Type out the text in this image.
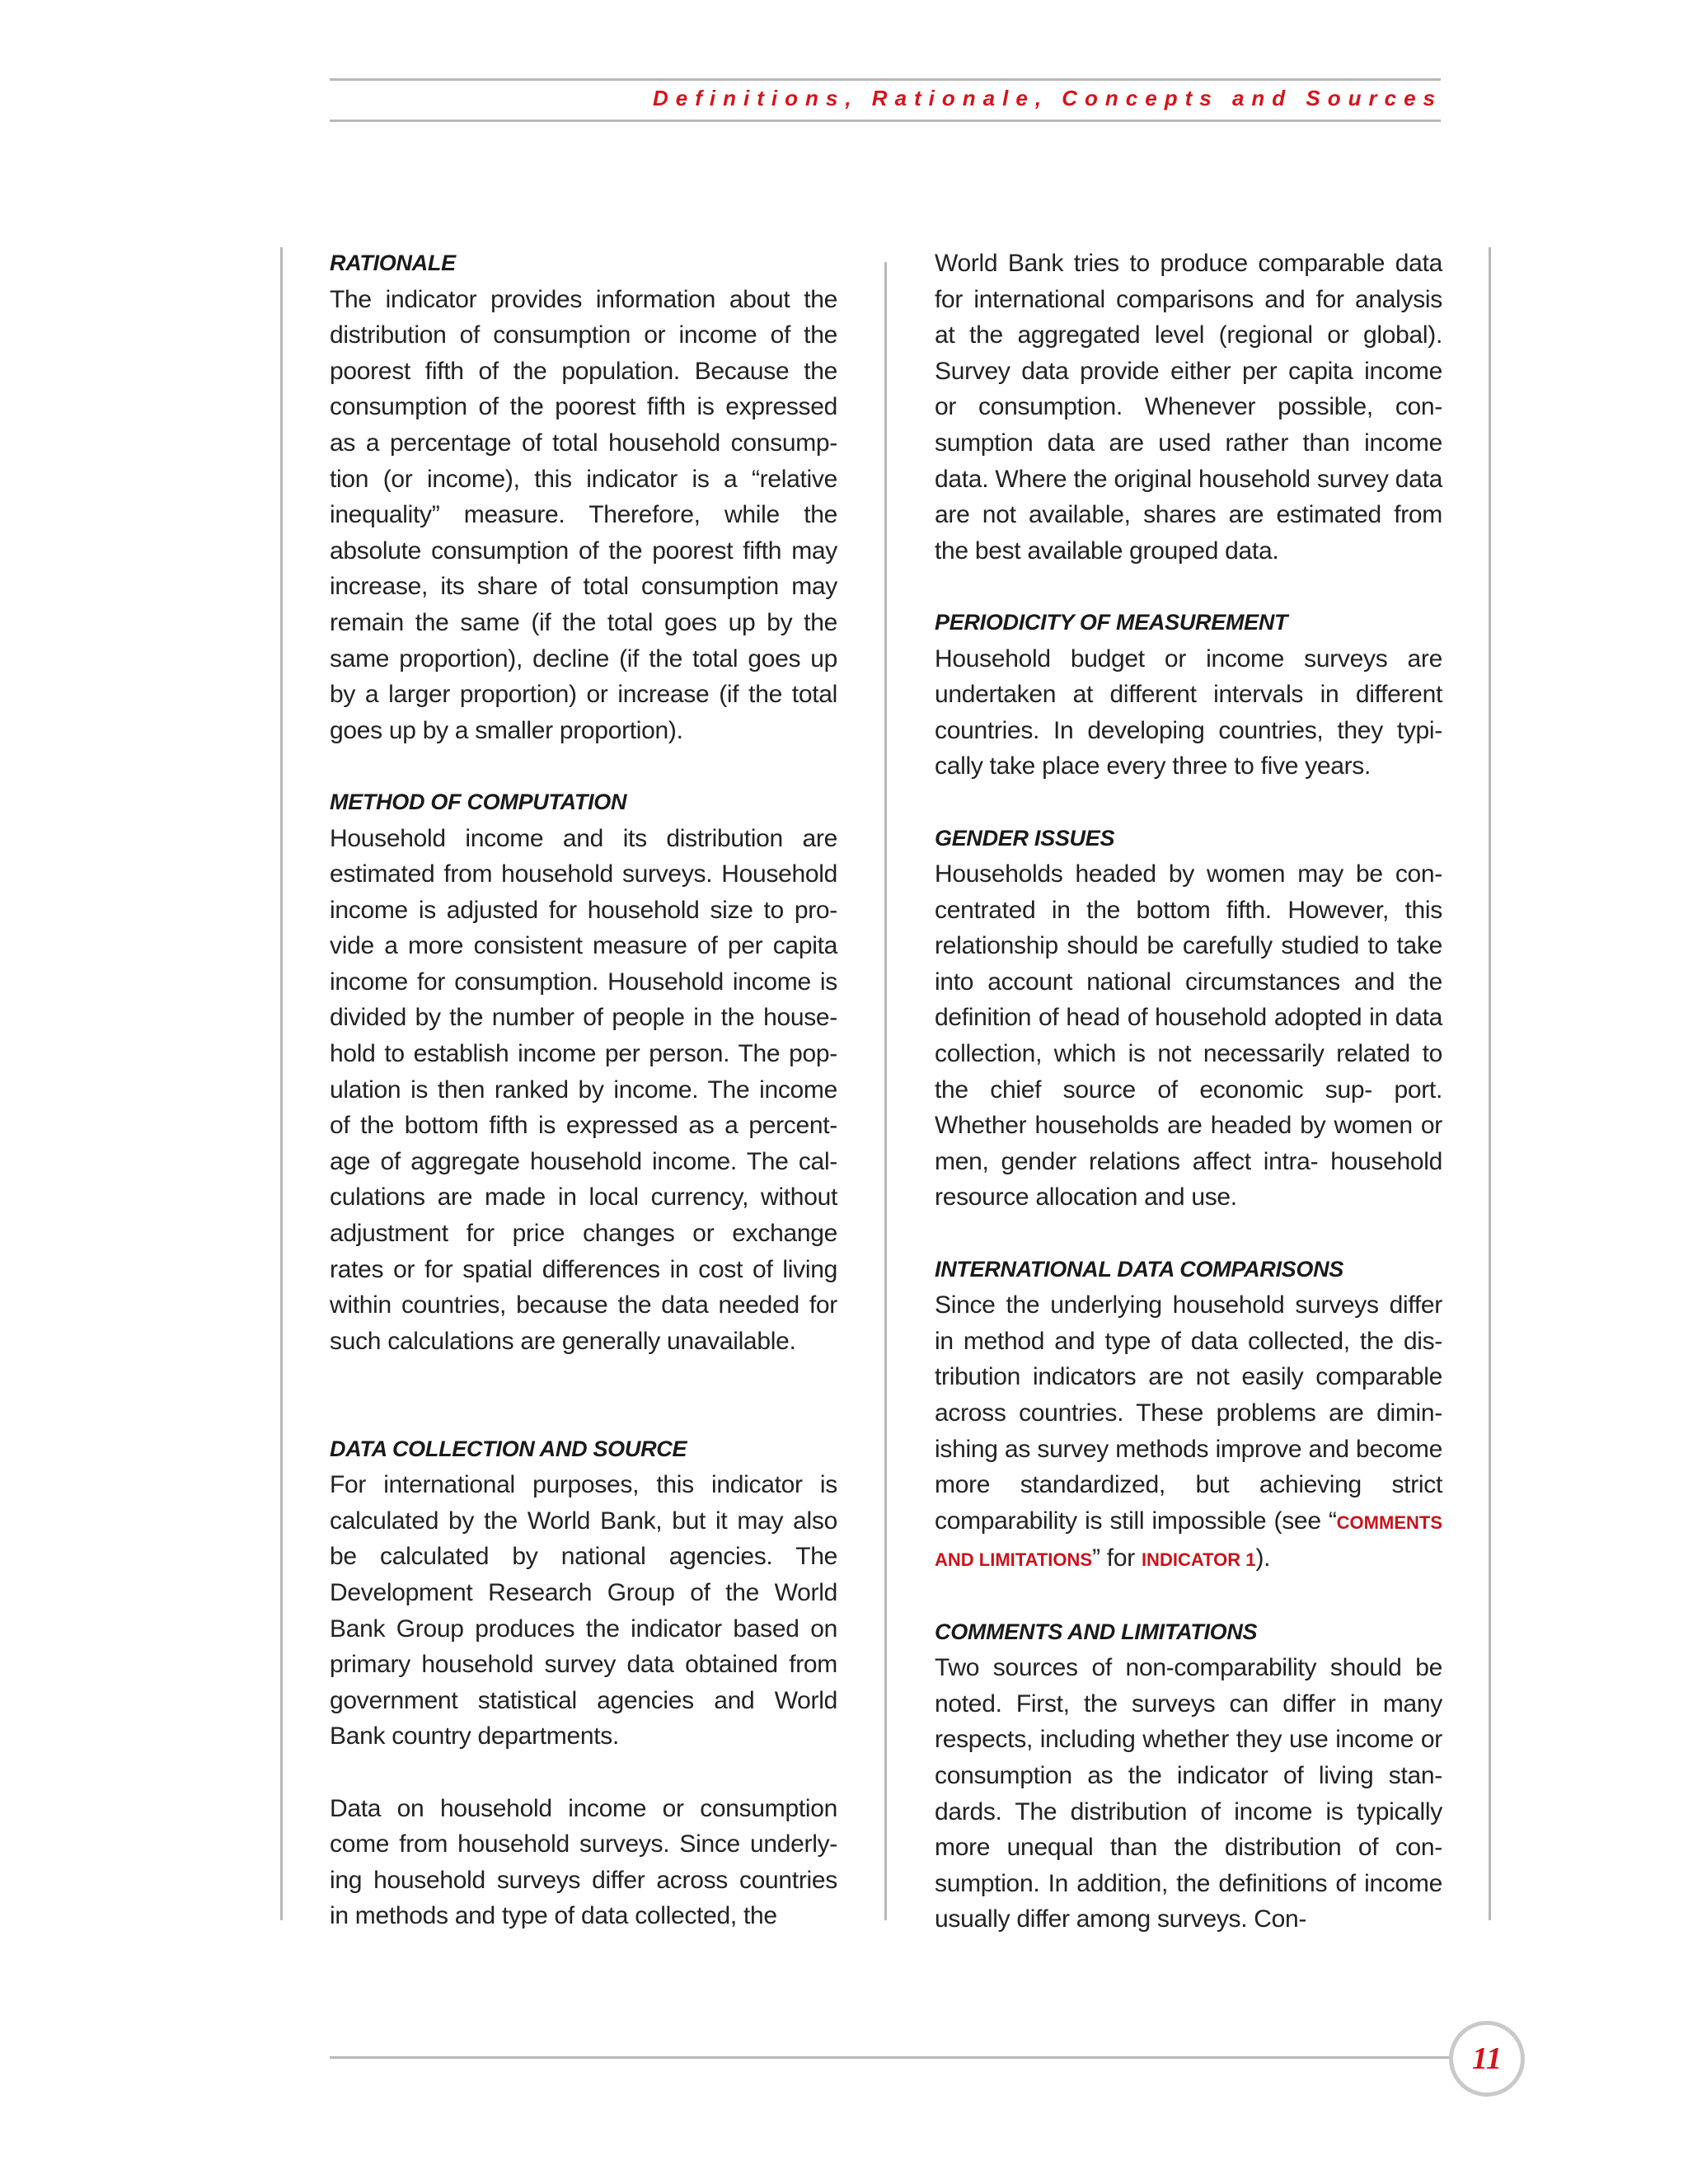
Definitions, Rationale, Concepts and Sources

RATIONALE

The indicator provides information about the distribution of consumption or income of the poorest fifth of the population. Because the consumption of the poorest fifth is expressed as a percentage of total household consump- tion (or income), this indicator is a “relative inequality” measure. Therefore, while the absolute consumption of the poorest fifth may increase, its share of total consumption may remain the same (if the total goes up by the same proportion), decline (if the total goes up by a larger proportion) or increase (if the total goes up by a smaller proportion).

METHOD OF COMPUTATION

Household income and its distribution are estimated from household surveys. Household income is adjusted for household size to pro- vide a more consistent measure of per capita income for consumption. Household income is divided by the number of people in the house- hold to establish income per person. The pop- ulation is then ranked by income. The income of the bottom fifth is expressed as a percent- age of aggregate household income. The cal- culations are made in local currency, without adjustment for price changes or exchange rates or for spatial differences in cost of living within countries, because the data needed for such calculations are generally unavailable.

DATA COLLECTION AND SOURCE

For international purposes, this indicator is calculated by the World Bank, but it may also be calculated by national agencies. The Development Research Group of the World Bank Group produces the indicator based on primary household survey data obtained from government statistical agencies and World Bank country departments.

Data on household income or consumption come from household surveys. Since underly- ing household surveys differ across countries in methods and type of data collected, the

World Bank tries to produce comparable data for international comparisons and for analysis at the aggregated level (regional or global). Survey data provide either per capita income or consumption. Whenever possible, con- sumption data are used rather than income data. Where the original household survey data are not available, shares are estimated from the best available grouped data.

PERIODICITY OF MEASUREMENT

Household budget or income surveys are undertaken at different intervals in different countries. In developing countries, they typi- cally take place every three to five years.

GENDER ISSUES

Households headed by women may be con- centrated in the bottom fifth. However, this relationship should be carefully studied to take into account national circumstances and the definition of head of household adopted in data collection, which is not necessarily related to the chief source of economic sup- port. Whether households are headed by women or men, gender relations affect intra- household resource allocation and use.

INTERNATIONAL DATA COMPARISONS

Since the underlying household surveys differ in method and type of data collected, the dis- tribution indicators are not easily comparable across countries. These problems are dimin- ishing as survey methods improve and become more standardized, but achieving strict comparability is still impossible (see “COMMENTS AND LIMITATIONS” for INDICATOR 1).

COMMENTS AND LIMITATIONS

Two sources of non-comparability should be noted. First, the surveys can differ in many respects, including whether they use income or consumption as the indicator of living stan- dards. The distribution of income is typically more unequal than the distribution of con- sumption. In addition, the definitions of income usually differ among surveys. Con-

11
